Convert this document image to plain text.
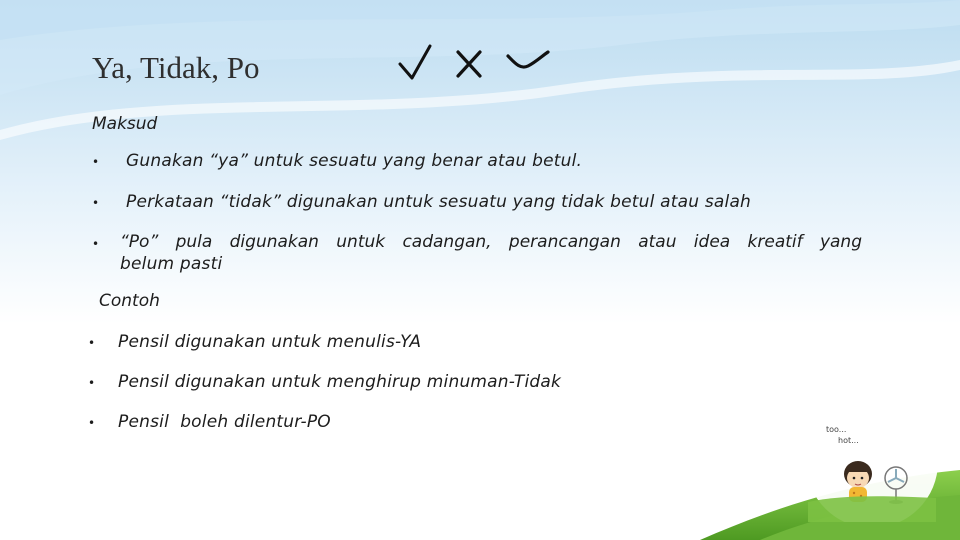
Ya, Tidak, Po
Maksud
• Gunakan “ya” untuk sesuatu yang benar atau betul.
• Perkataan “tidak” digunakan untuk sesuatu yang tidak betul atau salah
• “Po” pula digunakan untuk cadangan, perancangan atau idea kreatif yang
belum pasti
Contoh
• Pensil digunakan untuk menulis-YA
• Pensil digunakan untuk menghirup minuman-Tidak
• Pensil  boleh dilentur-PO	too...
hot...
